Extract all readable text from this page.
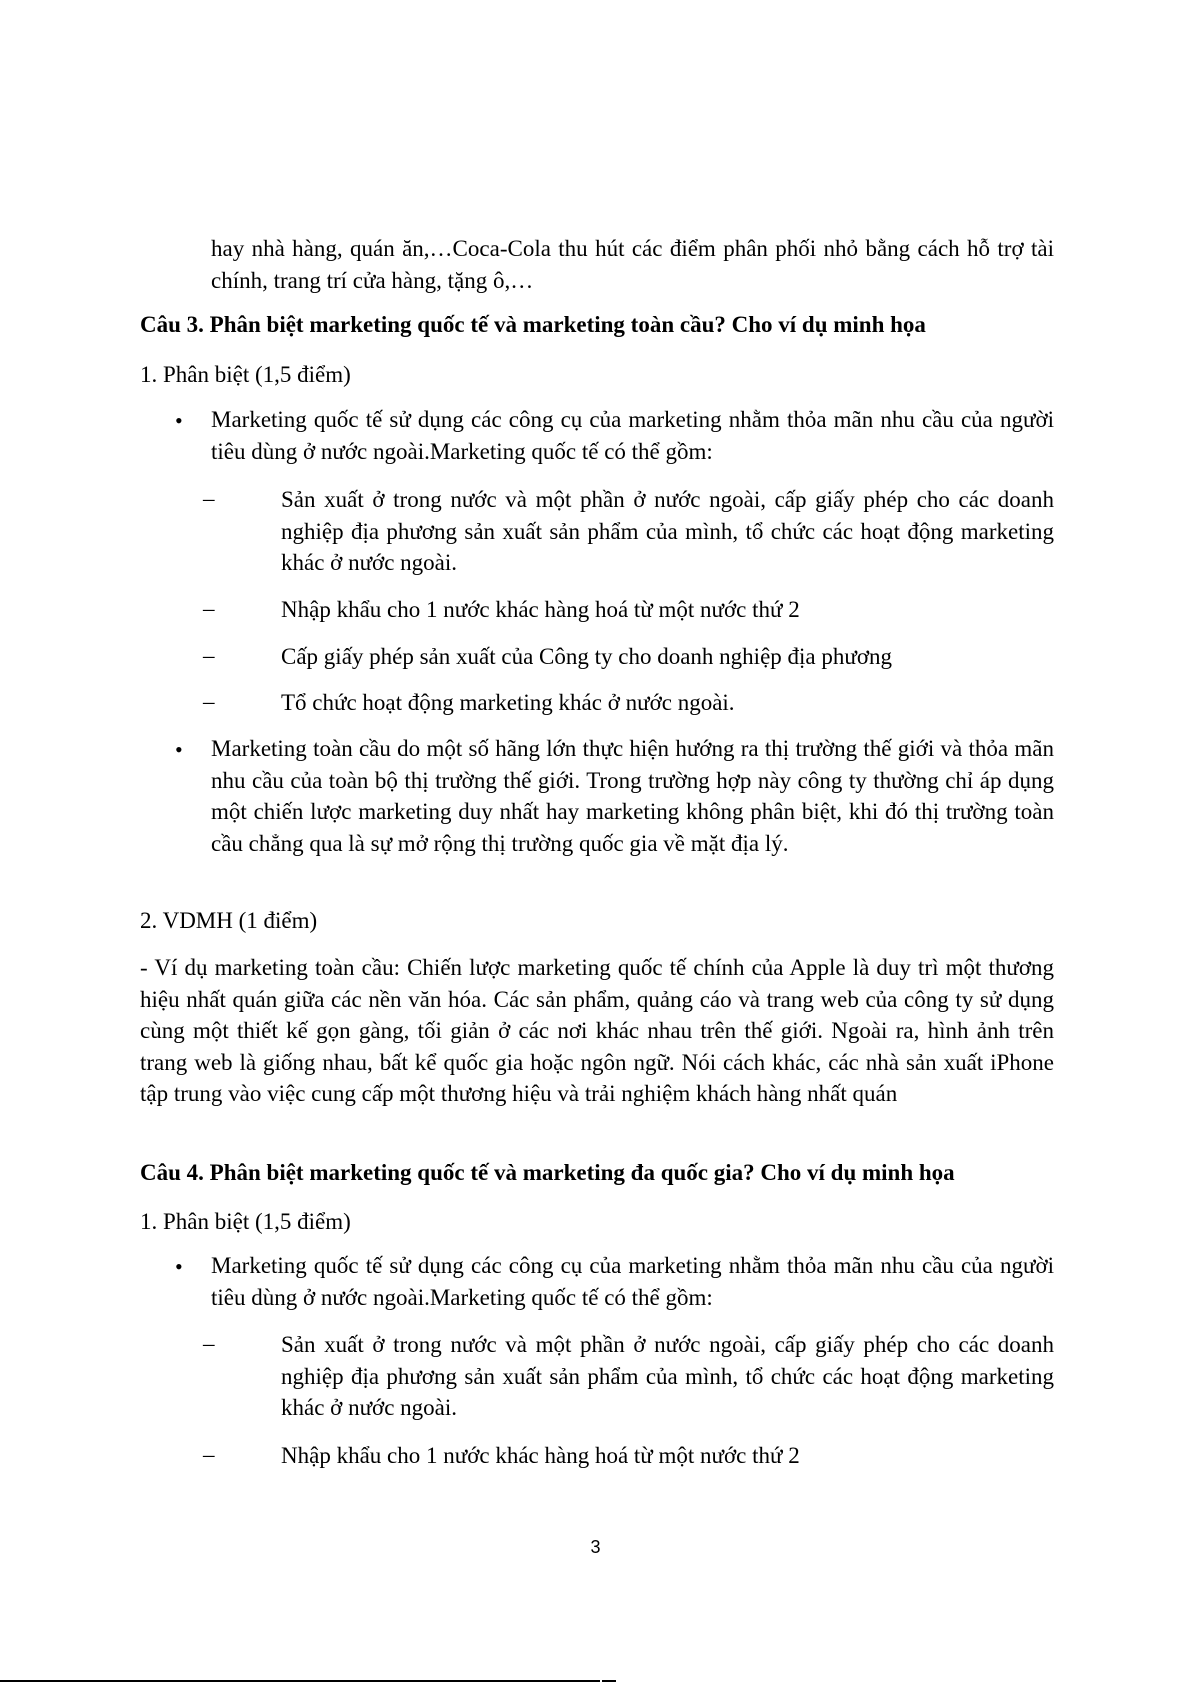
hay nhà hàng, quán ăn,…Coca-Cola thu hút các điểm phân phối nhỏ bằng cách hỗ trợ tài chính, trang trí cửa hàng, tặng ô,…

Câu 3. Phân biệt marketing quốc tế và marketing toàn cầu? Cho ví dụ minh họa

1. Phân biệt (1,5 điểm)

• Marketing quốc tế sử dụng các công cụ của marketing nhằm thỏa mãn nhu cầu của người tiêu dùng ở nước ngoài.Marketing quốc tế có thể gồm:

–	Sản xuất ở trong nước và một phần ở nước ngoài, cấp giấy phép cho các doanh nghiệp địa phương sản xuất sản phẩm của mình, tổ chức các hoạt động marketing khác ở nước ngoài.

–	Nhập khẩu cho 1 nước khác hàng hoá từ một nước thứ 2

–	Cấp giấy phép sản xuất của Công ty cho doanh nghiệp địa phương

–	Tổ chức hoạt động marketing khác ở nước ngoài.

• Marketing toàn cầu do một số hãng lớn thực hiện hướng ra thị trường thế giới và thỏa mãn nhu cầu của toàn bộ thị trường thế giới. Trong trường hợp này công ty thường chỉ áp dụng một chiến lược marketing duy nhất hay marketing không phân biệt, khi đó thị trường toàn cầu chẳng qua là sự mở rộng thị trường quốc gia về mặt địa lý.

2. VDMH (1 điểm)

- Ví dụ marketing toàn cầu: Chiến lược marketing quốc tế chính của Apple là duy trì một thương hiệu nhất quán giữa các nền văn hóa. Các sản phẩm, quảng cáo và trang web của công ty sử dụng cùng một thiết kế gọn gàng, tối giản ở các nơi khác nhau trên thế giới. Ngoài ra, hình ảnh trên trang web là giống nhau, bất kể quốc gia hoặc ngôn ngữ. Nói cách khác, các nhà sản xuất iPhone tập trung vào việc cung cấp một thương hiệu và trải nghiệm khách hàng nhất quán

Câu 4. Phân biệt marketing quốc tế và marketing đa quốc gia? Cho ví dụ minh họa

1. Phân biệt (1,5 điểm)

• Marketing quốc tế sử dụng các công cụ của marketing nhằm thỏa mãn nhu cầu của người tiêu dùng ở nước ngoài.Marketing quốc tế có thể gồm:

–	Sản xuất ở trong nước và một phần ở nước ngoài, cấp giấy phép cho các doanh nghiệp địa phương sản xuất sản phẩm của mình, tổ chức các hoạt động marketing khác ở nước ngoài.

–	Nhập khẩu cho 1 nước khác hàng hoá từ một nước thứ 2

3
